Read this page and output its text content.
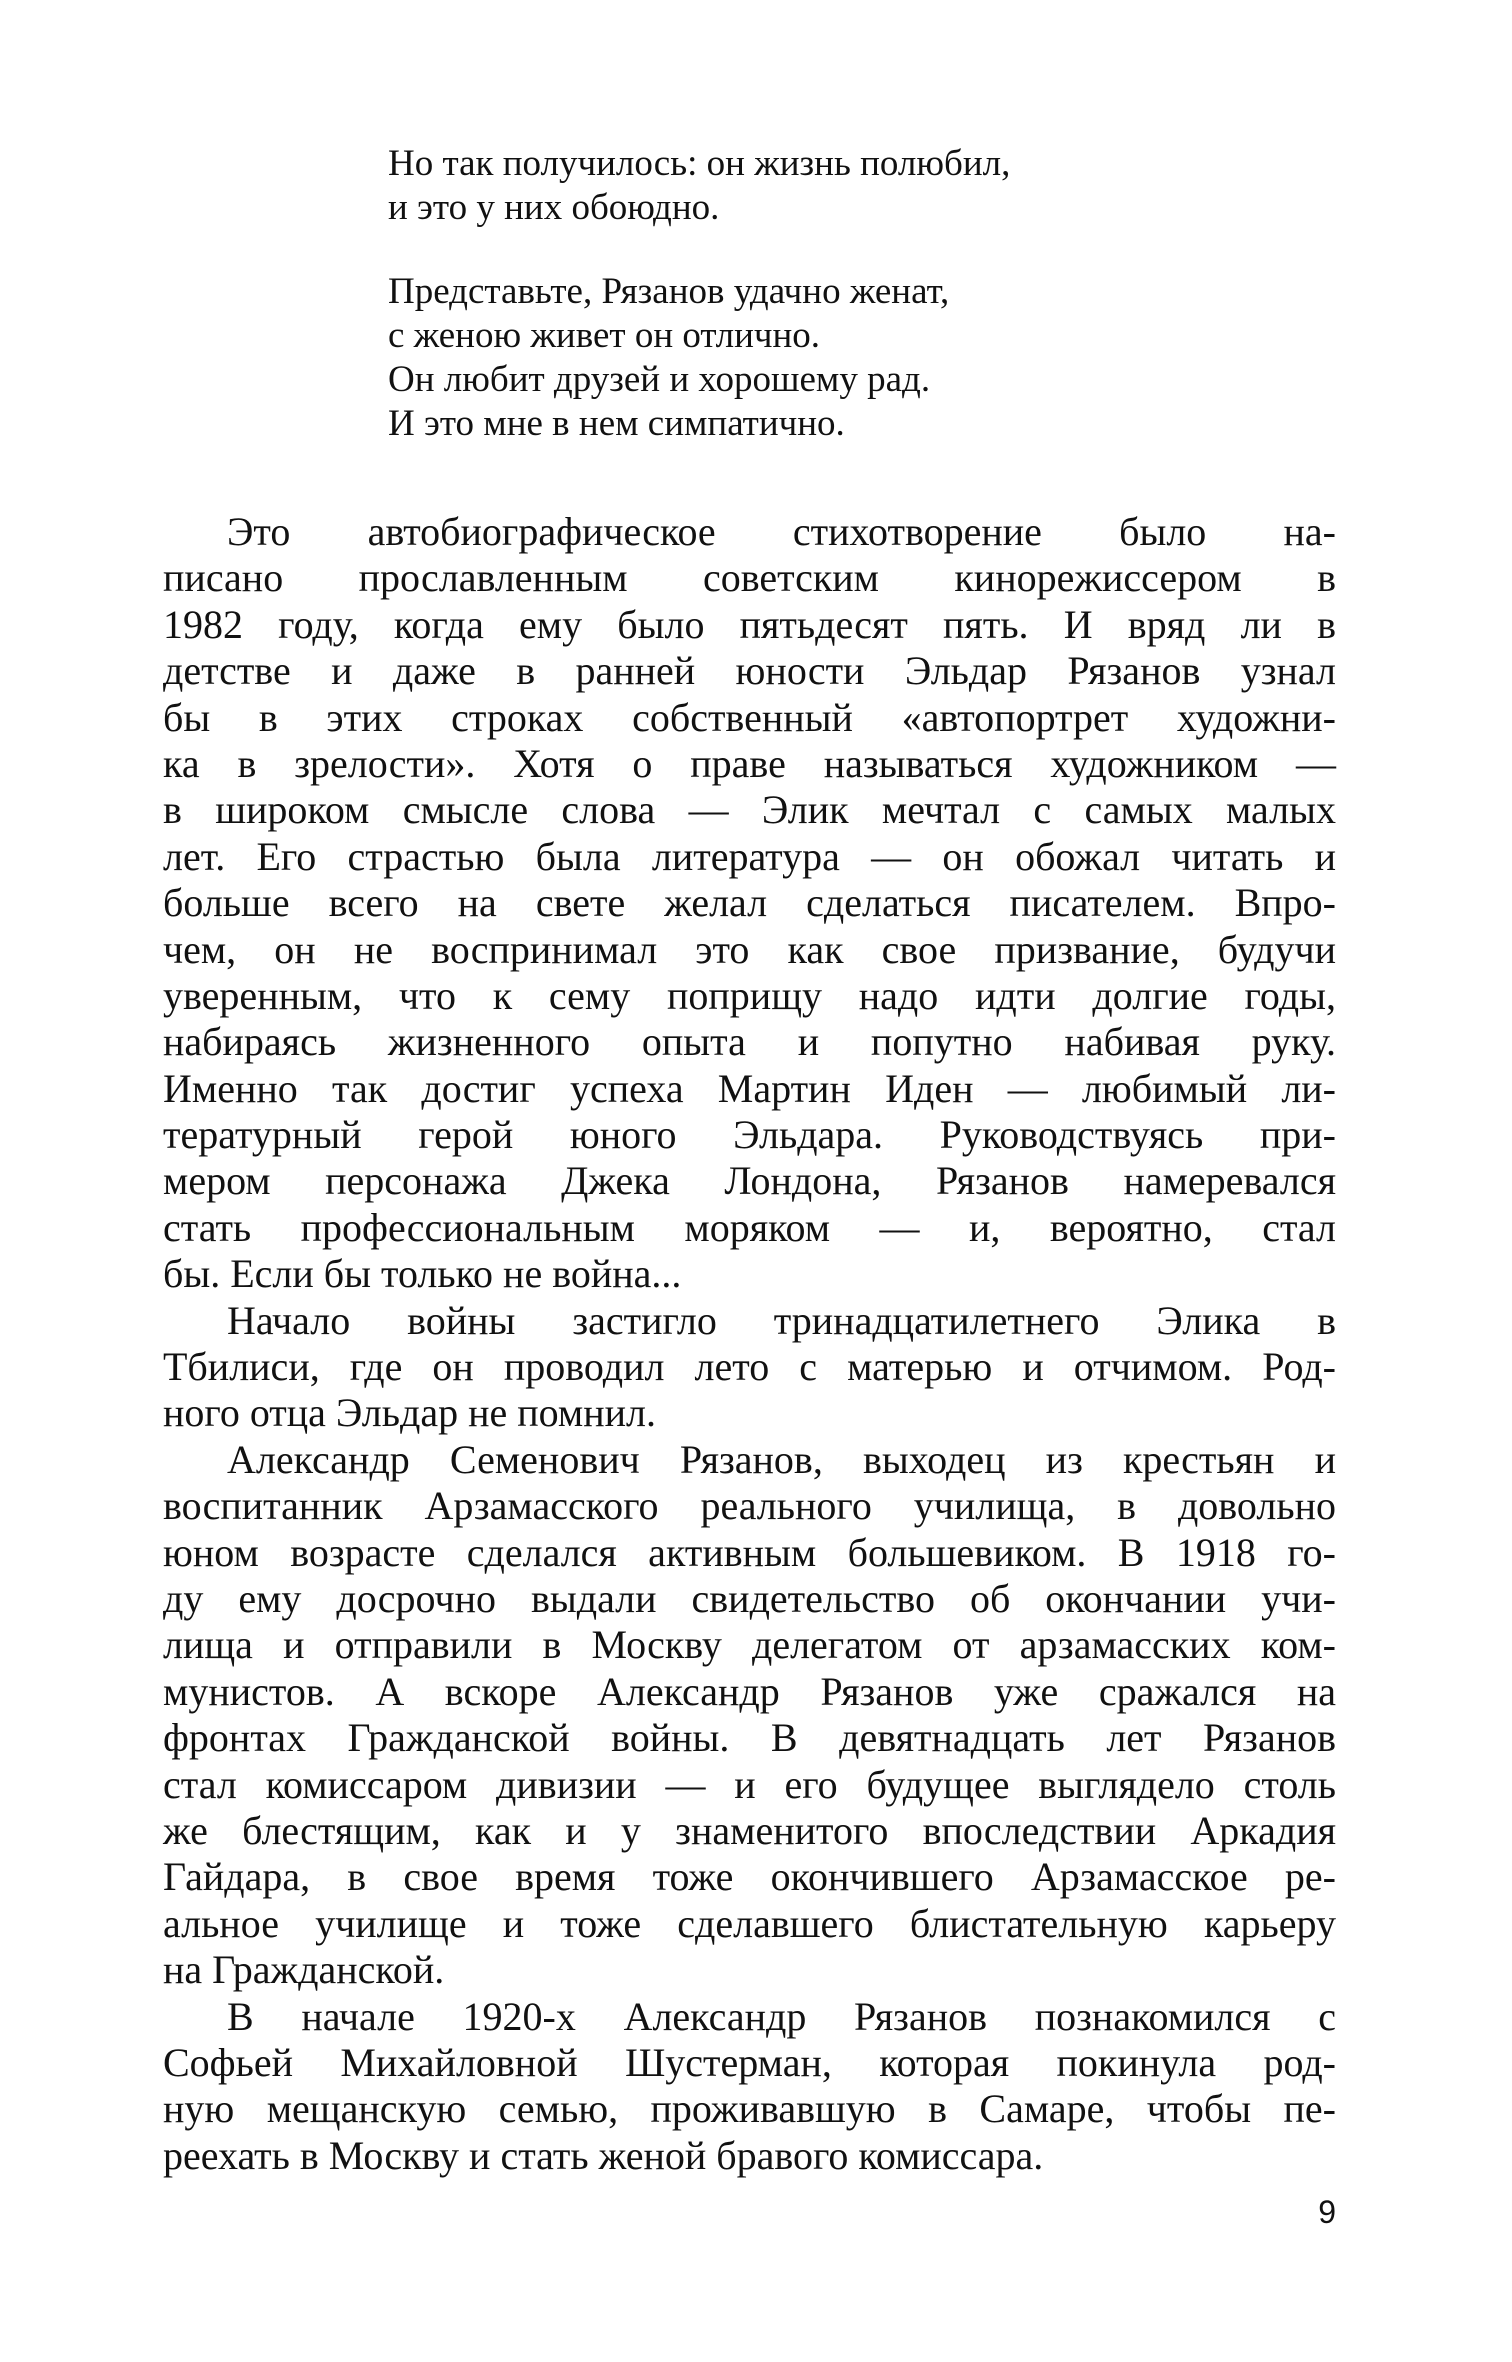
Но так получилось: он жизнь полюбил,
и это у них обоюдно.
Представьте, Рязанов удачно женат,
с женою живет он отлично.
Он любит друзей и хорошему рад.
И это мне в нем симпатично.
Это автобиографическое стихотворение было на-
писано прославленным советским кинорежиссером в
1982 году, когда ему было пятьдесят пять. И вряд ли в
детстве и даже в ранней юности Эльдар Рязанов узнал
бы в этих строках собственный «автопортрет художни-
ка в зрелости». Хотя о праве называться художником —
в широком смысле слова — Элик мечтал с самых малых
лет. Его страстью была литература — он обожал читать и
больше всего на свете желал сделаться писателем. Впро-
чем, он не воспринимал это как свое призвание, будучи
уверенным, что к сему поприщу надо идти долгие годы,
набираясь жизненного опыта и попутно набивая руку.
Именно так достиг успеха Мартин Иден — любимый ли-
тературный герой юного Эльдара. Руководствуясь при-
мером персонажа Джека Лондона, Рязанов намеревался
стать профессиональным моряком — и, вероятно, стал
бы. Если бы только не война...
Начало войны застигло тринадцатилетнего Элика в
Тбилиси, где он проводил лето с матерью и отчимом. Род-
ного отца Эльдар не помнил.
Александр Семенович Рязанов, выходец из крестьян и
воспитанник Арзамасского реального училища, в довольно
юном возрасте сделался активным большевиком. В 1918 го-
ду ему досрочно выдали свидетельство об окончании учи-
лища и отправили в Москву делегатом от арзамасских ком-
мунистов. А вскоре Александр Рязанов уже сражался на
фронтах Гражданской войны. В девятнадцать лет Рязанов
стал комиссаром дивизии — и его будущее выглядело столь
же блестящим, как и у знаменитого впоследствии Аркадия
Гайдара, в свое время тоже окончившего Арзамасское ре-
альное училище и тоже сделавшего блистательную карьеру
на Гражданской.
В начале 1920-х Александр Рязанов познакомился с
Софьей Михайловной Шустерман, которая покинула род-
ную мещанскую семью, проживавшую в Самаре, чтобы пе-
реехать в Москву и стать женой бравого комиссара.
9
